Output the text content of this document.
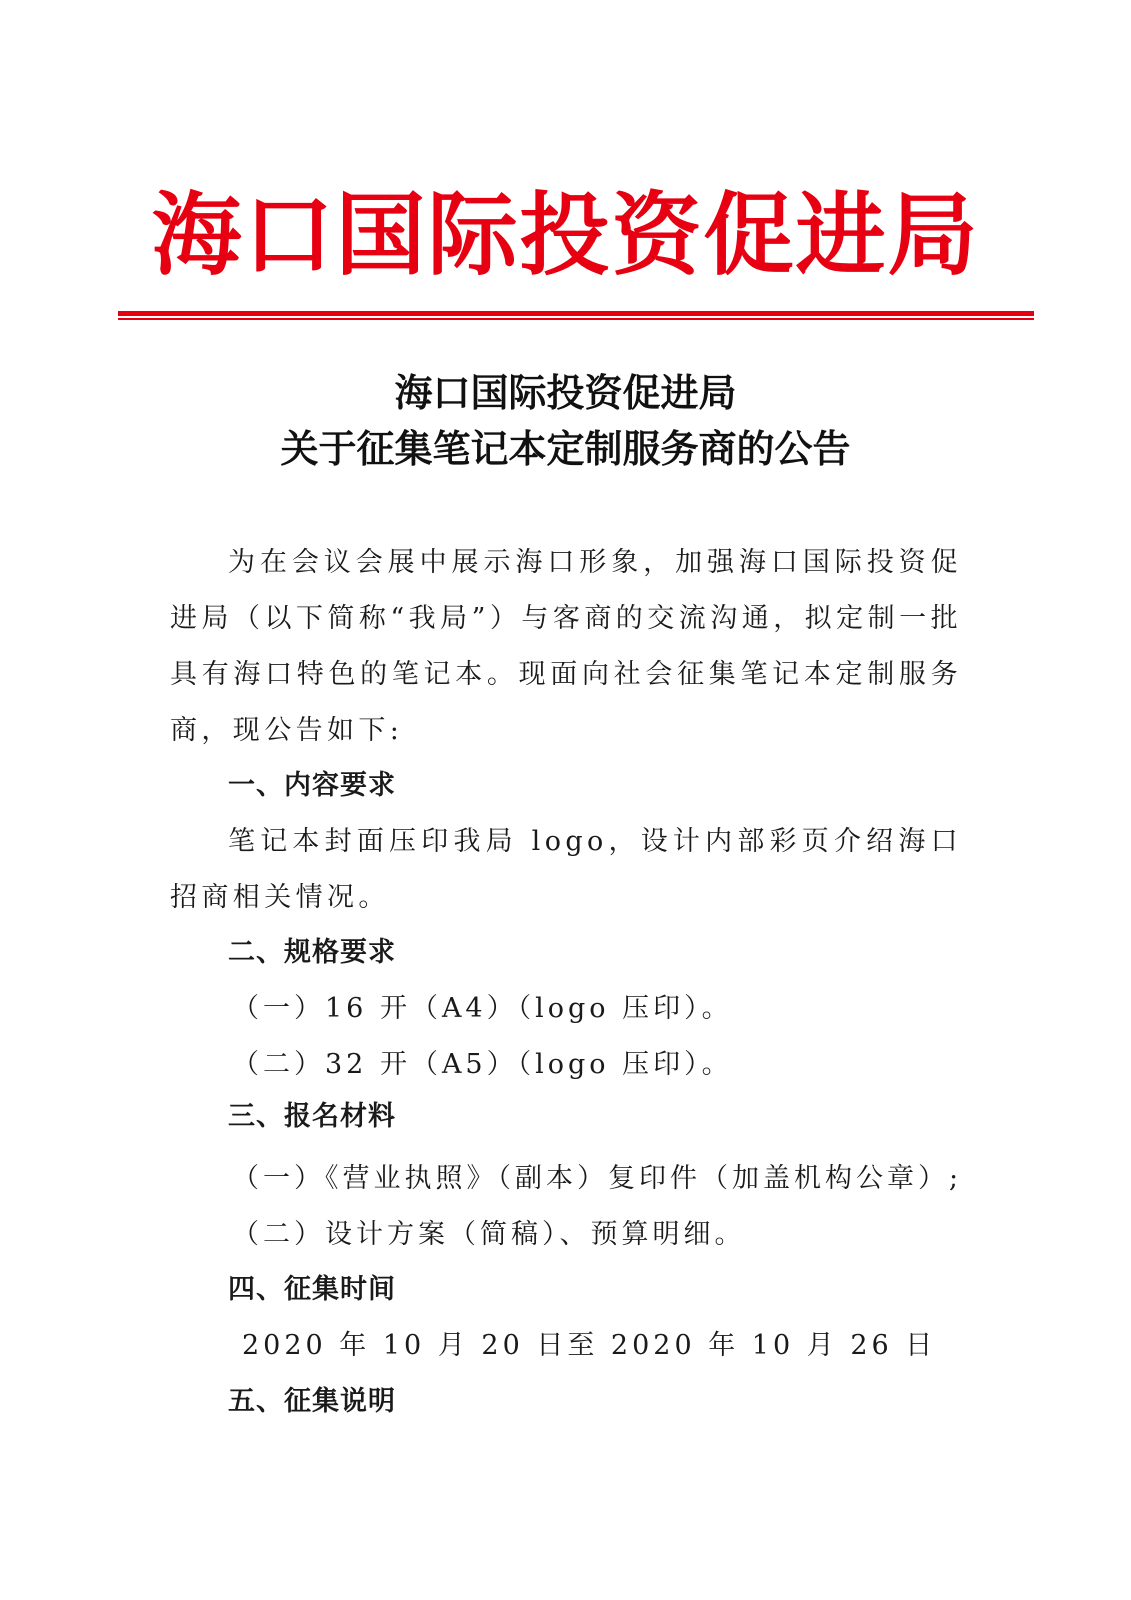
海口国际投资促进局
海口国际投资促进局
关于征集笔记本定制服务商的公告
为在会议会展中展示海口形象，加强海口国际投资促进局（以下简称“我局”）与客商的交流沟通，拟定制一批具有海口特色的笔记本。现面向社会征集笔记本定制服务商，现公告如下:
一、内容要求
笔记本封面压印我局 logo，设计内部彩页介绍海口招商相关情况。
二、规格要求
（一）16 开（A4）（logo 压印）。
（二）32 开（A5）（logo 压印）。
三、报名材料
（一）《营业执照》（副本）复印件（加盖机构公章）;
（二）设计方案（简稿）、预算明细。
四、征集时间
2020 年 10 月 20 日至 2020 年 10 月 26 日
五、征集说明
